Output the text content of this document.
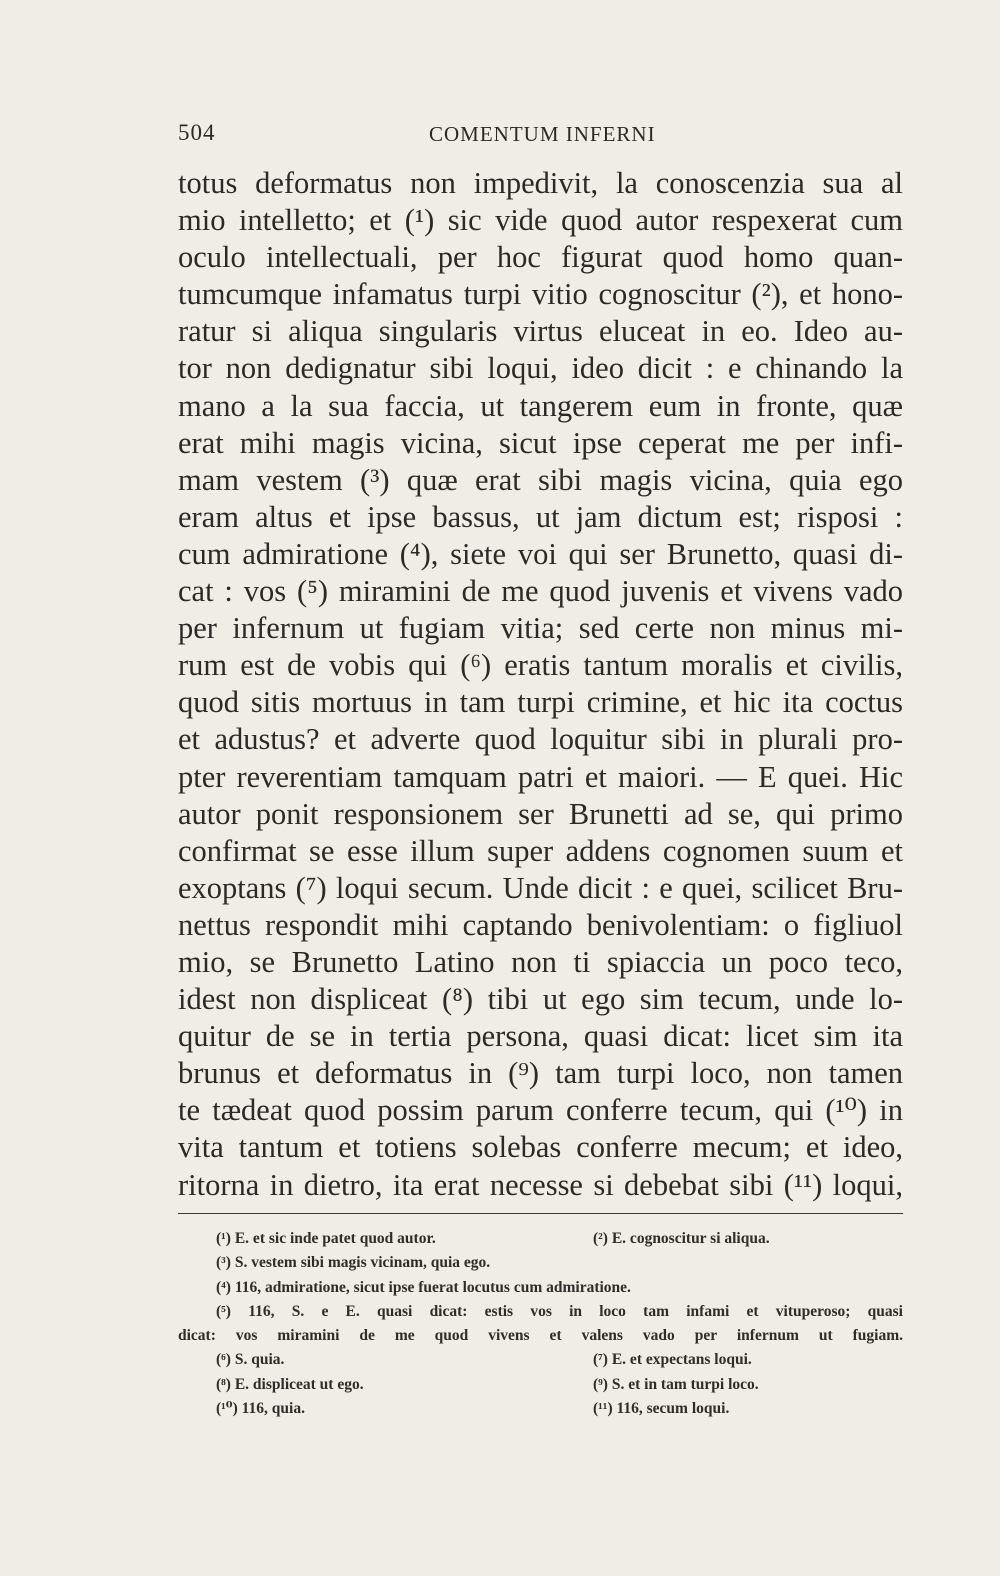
504	COMENTUM INFERNI
totus deformatus non impedivit, la conoscenzia sua al
mio intelletto; et (¹) sic vide quod autor respexerat cum
oculo intellectuali, per hoc figurat quod homo quan-
tumcumque infamatus turpi vitio cognoscitur (²), et hono-
ratur si aliqua singularis virtus eluceat in eo. Ideo au-
tor non dedignatur sibi loqui, ideo dicit : e chinando la
mano a la sua faccia, ut tangerem eum in fronte, quæ
erat mihi magis vicina, sicut ipse ceperat me per infi-
mam vestem (³) quæ erat sibi magis vicina, quia ego
eram altus et ipse bassus, ut jam dictum est; risposi :
cum admiratione (⁴), siete voi qui ser Brunetto, quasi di-
cat : vos (⁵) miramini de me quod juvenis et vivens vado
per infernum ut fugiam vitia; sed certe non minus mi-
rum est de vobis qui (⁶) eratis tantum moralis et civilis,
quod sitis mortuus in tam turpi crimine, et hic ita coctus
et adustus? et adverte quod loquitur sibi in plurali pro-
pter reverentiam tamquam patri et maiori. — E quei. Hic
autor ponit responsionem ser Brunetti ad se, qui primo
confirmat se esse illum super addens cognomen suum et
exoptans (⁷) loqui secum. Unde dicit : e quei, scilicet Bru-
nettus respondit mihi captando benivolentiam: o figliuol
mio, se Brunetto Latino non ti spiaccia un poco teco,
idest non displiceat (⁸) tibi ut ego sim tecum, unde lo-
quitur de se in tertia persona, quasi dicat: licet sim ita
brunus et deformatus in (⁹) tam turpi loco, non tamen
te tædeat quod possim parum conferre tecum, qui (¹⁰) in
vita tantum et totiens solebas conferre mecum; et ideo,
ritorna in dietro, ita erat necesse si debebat sibi (¹¹) loqui,
(¹) E. et sic inde patet quod autor.	(²) E. cognoscitur si aliqua.
(³) S. vestem sibi magis vicinam, quia ego.
(⁴) 116, admiratione, sicut ipse fuerat locutus cum admiratione.
(⁵) 116, S. e E. quasi dicat: estis vos in loco tam infami et vituperoso; quasi
dicat: vos miramini de me quod vivens et valens vado per infernum ut fugiam.
(⁶) S. quia.	(⁷) E. et expectans loqui.
(⁸) E. displiceat ut ego.	(⁹) S. et in tam turpi loco.
(¹⁰) 116, quia.	(¹¹) 116, secum loqui.
